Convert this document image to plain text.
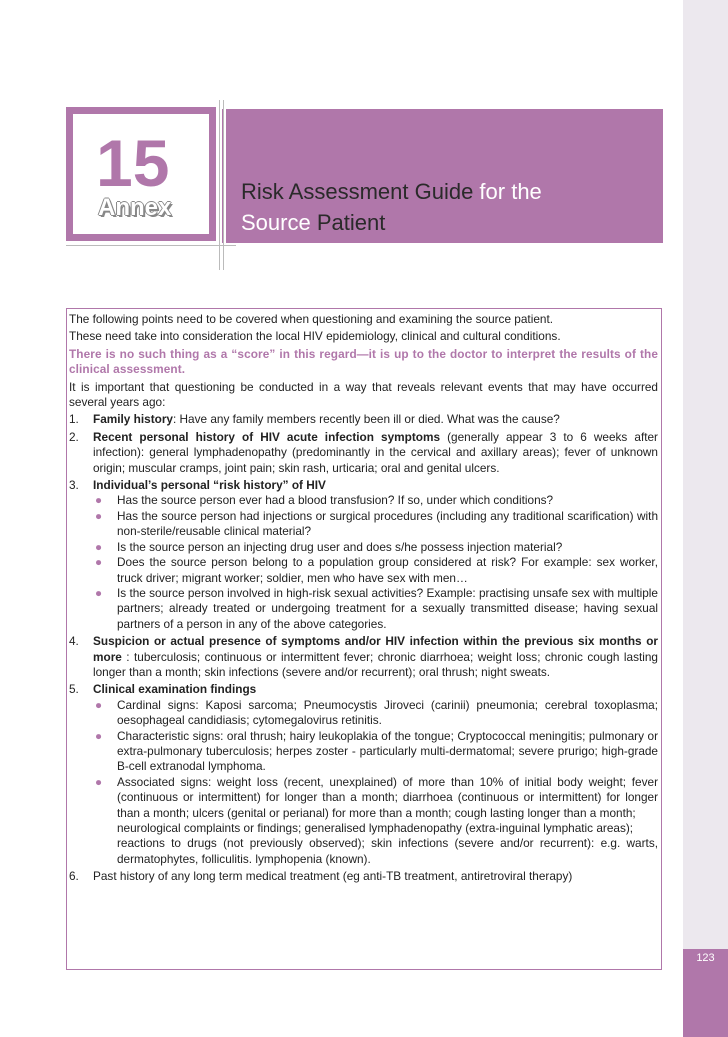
123
15
Annex
Risk Assessment Guide for the
Source Patient

The following points need to be covered when questioning and examining the source patient.

These need take into consideration the local HIV epidemiology, clinical and cultural conditions.

There is no such thing as a “score” in this regard—it is up to the doctor to interpret the results of the clinical assessment.

It is important that questioning be conducted in a way that reveals relevant events that may have occurred several years ago:

1.	Family history: Have any family members recently been ill or died. What was the cause?
2.	Recent personal history of HIV acute infection symptoms (generally appear 3 to 6 weeks after infection): general lymphadenopathy (predominantly in the cervical and axillary areas); fever of unknown origin; muscular cramps, joint pain; skin rash, urticaria; oral and genital ulcers.
3.	Individual’s personal “risk history” of HIV
●	Has the source person ever had a blood transfusion? If so, under which conditions?
●	Has the source person had injections or surgical procedures (including any traditional scarification) with non-sterile/reusable clinical material?
●	Is the source person an injecting drug user and does s/he possess injection material?
●	Does the source person belong to a population group considered at risk? For example: sex worker, truck driver; migrant worker; soldier, men who have sex with men…
●	Is the source person involved in high-risk sexual activities? Example: practising unsafe sex with multiple partners; already treated or undergoing treatment for a sexually transmitted disease; having sexual partners of a person in any of the above categories.
4.	Suspicion or actual presence of symptoms and/or HIV infection within the previous six months or more : tuberculosis; continuous or intermittent fever; chronic diarrhoea; weight loss; chronic cough lasting longer than a month; skin infections (severe and/or recurrent); oral thrush; night sweats.
5.	Clinical examination findings
●	Cardinal signs: Kaposi sarcoma; Pneumocystis Jiroveci (carinii) pneumonia; cerebral toxoplasma; oesophageal candidiasis; cytomegalovirus retinitis.
●	Characteristic signs: oral thrush; hairy leukoplakia of the tongue; Cryptococcal meningitis; pulmonary or extra-pulmonary tuberculosis; herpes zoster - particularly multi-dermatomal; severe prurigo; high-grade B-cell extranodal lymphoma.
●	Associated signs: weight loss (recent, unexplained) of more than 10% of initial body weight; fever (continuous or intermittent) for longer than a month; diarrhoea (continuous or intermittent) for longer than a month; ulcers (genital or perianal) for more than a month; cough lasting longer than a month;
neurological complaints or findings; generalised lymphadenopathy (extra-inguinal lymphatic areas);
reactions to drugs (not previously observed); skin infections (severe and/or recurrent): e.g. warts, dermatophytes, folliculitis. lymphopenia (known).
6.	Past history of any long term medical treatment (eg anti-TB treatment, antiretroviral therapy)
